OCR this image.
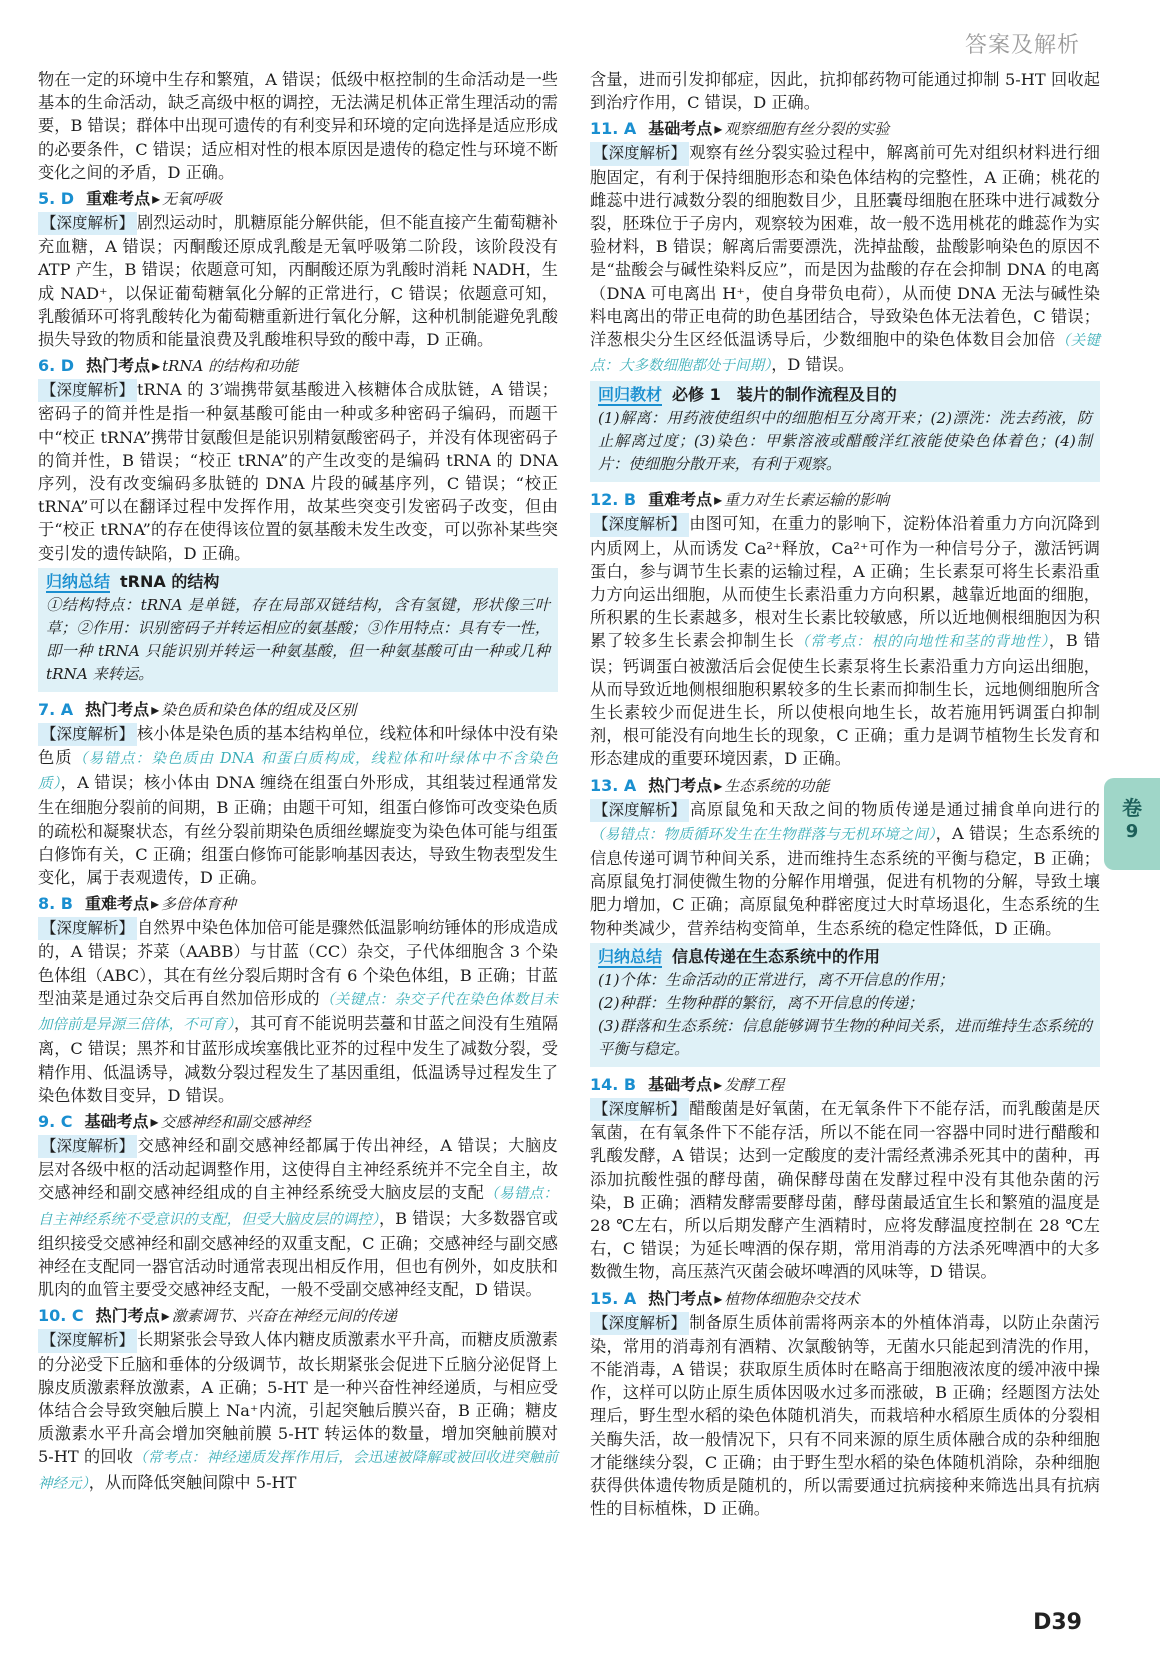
答案及解析

物在一定的环境中生存和繁殖，A 错误；低级中枢控制的生命活动是一些基本的生命活动，缺乏高级中枢的调控，无法满足机体正常生理活动的需要，B 错误；群体中出现可遗传的有利变异和环境的定向选择是适应形成的必要条件，C 错误；适应相对性的根本原因是遗传的稳定性与环境不断变化之间的矛盾，D 正确。

5. D 重难考点 ▸ 无氧呼吸

【深度解析】 剧烈运动时，肌糖原能分解供能，但不能直接产生葡萄糖补充血糖，A 错误；丙酮酸还原成乳酸是无氧呼吸第二阶段，该阶段没有 ATP 产生，B 错误；依题意可知，丙酮酸还原为乳酸时消耗 NADH，生成 NAD⁺，以保证葡萄糖氧化分解的正常进行，C 错误；依题意可知，乳酸循环可将乳酸转化为葡萄糖重新进行氧化分解，这种机制能避免乳酸损失导致的物质和能量浪费及乳酸堆积导致的酸中毒，D 正确。

6. D 热门考点 ▸ tRNA 的结构和功能

【深度解析】 tRNA 的 3′端携带氨基酸进入核糖体合成肽链，A 错误；密码子的简并性是指一种氨基酸可能由一种或多种密码子编码，而题干中“校正 tRNA”携带甘氨酸但是能识别精氨酸密码子，并没有体现密码子的简并性，B 错误；“校正 tRNA”的产生改变的是编码 tRNA 的 DNA 序列，没有改变编码多肽链的 DNA 片段的碱基序列，C 错误；“校正 tRNA”可以在翻译过程中发挥作用，故某些突变引发密码子改变，但由于“校正 tRNA”的存在使得该位置的氨基酸未发生改变，可以弥补某些突变引发的遗传缺陷，D 正确。

归纳总结 tRNA 的结构
①结构特点：tRNA 是单链，存在局部双链结构，含有氢键，形状像三叶草；②作用：识别密码子并转运相应的氨基酸；③作用特点：具有专一性，即一种 tRNA 只能识别并转运一种氨基酸，但一种氨基酸可由一种或几种 tRNA 来转运。
7. A 热门考点 ▸ 染色质和染色体的组成及区别

【深度解析】 核小体是染色质的基本结构单位，线粒体和叶绿体中没有染色质（易错点：染色质由 DNA 和蛋白质构成，线粒体和叶绿体中不含染色质），A 错误；核小体由 DNA 缠绕在组蛋白外形成，其组装过程通常发生在细胞分裂前的间期，B 正确；由题干可知，组蛋白修饰可改变染色质的疏松和凝聚状态，有丝分裂前期染色质细丝螺旋变为染色体可能与组蛋白修饰有关，C 正确；组蛋白修饰可能影响基因表达，导致生物表型发生变化，属于表观遗传，D 正确。

8. B 重难考点 ▸ 多倍体育种

【深度解析】 自然界中染色体加倍可能是骤然低温影响纺锤体的形成造成的，A 错误；芥菜（AABB）与甘蓝（CC）杂交，子代体细胞含 3 个染色体组（ABC），其在有丝分裂后期时含有 6 个染色体组，B 正确；甘蓝型油菜是通过杂交后再自然加倍形成的（关键点：杂交子代在染色体数目未加倍前是异源三倍体，不可育），其可育不能说明芸薹和甘蓝之间没有生殖隔离，C 错误；黑芥和甘蓝形成埃塞俄比亚芥的过程中发生了减数分裂，受精作用、低温诱导，减数分裂过程发生了基因重组，低温诱导过程发生了染色体数目变异，D 错误。

9. C 基础考点 ▸ 交感神经和副交感神经

【深度解析】 交感神经和副交感神经都属于传出神经，A 错误；大脑皮层对各级中枢的活动起调整作用，这使得自主神经系统并不完全自主，故交感神经和副交感神经组成的自主神经系统受大脑皮层的支配（易错点：自主神经系统不受意识的支配，但受大脑皮层的调控），B 错误；大多数器官或组织接受交感神经和副交感神经的双重支配，C 正确；交感神经与副交感神经在支配同一器官活动时通常表现出相反作用，但也有例外，如皮肤和肌肉的血管主要受交感神经支配，一般不受副交感神经支配，D 错误。

10. C 热门考点 ▸ 激素调节、兴奋在神经元间的传递

【深度解析】 长期紧张会导致人体内糖皮质激素水平升高，而糖皮质激素的分泌受下丘脑和垂体的分级调节，故长期紧张会促进下丘脑分泌促肾上腺皮质激素释放激素，A 正确；5-HT 是一种兴奋性神经递质，与相应受体结合会导致突触后膜上 Na⁺内流，引起突触后膜兴奋，B 正确；糖皮质激素水平升高会增加突触前膜 5-HT 转运体的数量，增加突触前膜对 5-HT 的回收（常考点：神经递质发挥作用后，会迅速被降解或被回收进突触前神经元），从而降低突触间隙中 5-HT

含量，进而引发抑郁症，因此，抗抑郁药物可能通过抑制 5-HT 回收起到治疗作用，C 错误，D 正确。

11. A 基础考点 ▸ 观察细胞有丝分裂的实验

【深度解析】 观察有丝分裂实验过程中，解离前可先对组织材料进行细胞固定，有利于保持细胞形态和染色体结构的完整性，A 正确；桃花的雌蕊中进行减数分裂的细胞数目少，且胚囊母细胞在胚珠中进行减数分裂，胚珠位于子房内，观察较为困难，故一般不选用桃花的雌蕊作为实验材料，B 错误；解离后需要漂洗，洗掉盐酸，盐酸影响染色的原因不是“盐酸会与碱性染料反应”，而是因为盐酸的存在会抑制 DNA 的电离（DNA 可电离出 H⁺，使自身带负电荷），从而使 DNA 无法与碱性染料电离出的带正电荷的助色基团结合，导致染色体无法着色，C 错误；洋葱根尖分生区经低温诱导后，少数细胞中的染色体数目会加倍（关键点：大多数细胞都处于间期），D 错误。

回归教材 必修 1　装片的制作流程及目的
(1)解离：用药液使组织中的细胞相互分离开来；(2)漂洗：洗去药液，防止解离过度；(3)染色：甲紫溶液或醋酸洋红液能使染色体着色；(4)制片：使细胞分散开来，有利于观察。
12. B 重难考点 ▸ 重力对生长素运输的影响

【深度解析】 由图可知，在重力的影响下，淀粉体沿着重力方向沉降到内质网上，从而诱发 Ca²⁺释放，Ca²⁺可作为一种信号分子，激活钙调蛋白，参与调节生长素的运输过程，A 正确；生长素泵可将生长素沿重力方向运出细胞，从而使生长素沿重力方向积累，越靠近地面的细胞，所积累的生长素越多，根对生长素比较敏感，所以近地侧根细胞因为积累了较多生长素会抑制生长（常考点：根的向地性和茎的背地性），B 错误；钙调蛋白被激活后会促使生长素泵将生长素沿重力方向运出细胞，从而导致近地侧根细胞积累较多的生长素而抑制生长，远地侧细胞所含生长素较少而促进生长，所以使根向地生长，故若施用钙调蛋白抑制剂，根可能没有向地生长的现象，C 正确；重力是调节植物生长发育和形态建成的重要环境因素，D 正确。

13. A 热门考点 ▸ 生态系统的功能

【深度解析】 高原鼠兔和天敌之间的物质传递是通过捕食单向进行的（易错点：物质循环发生在生物群落与无机环境之间），A 错误；生态系统的信息传递可调节种间关系，进而维持生态系统的平衡与稳定，B 正确；高原鼠兔打洞使微生物的分解作用增强，促进有机物的分解，导致土壤肥力增加，C 正确；高原鼠兔种群密度过大时草场退化，生态系统的生物种类减少，营养结构变简单，生态系统的稳定性降低，D 正确。

归纳总结 信息传递在生态系统中的作用
(1)个体：生命活动的正常进行，离不开信息的作用；
(2)种群：生物种群的繁衍，离不开信息的传递；
(3)群落和生态系统：信息能够调节生物的种间关系，进而维持生态系统的平衡与稳定。
14. B 基础考点 ▸ 发酵工程

【深度解析】 醋酸菌是好氧菌，在无氧条件下不能存活，而乳酸菌是厌氧菌，在有氧条件下不能存活，所以不能在同一容器中同时进行醋酸和乳酸发酵，A 错误；达到一定酸度的麦汁需经煮沸杀死其中的菌种，再添加抗酸性强的酵母菌，确保酵母菌在发酵过程中没有其他杂菌的污染，B 正确；酒精发酵需要酵母菌，酵母菌最适宜生长和繁殖的温度是 28 ℃左右，所以后期发酵产生酒精时，应将发酵温度控制在 28 ℃左右，C 错误；为延长啤酒的保存期，常用消毒的方法杀死啤酒中的大多数微生物，高压蒸汽灭菌会破坏啤酒的风味等，D 错误。

15. A 热门考点 ▸ 植物体细胞杂交技术

【深度解析】 制备原生质体前需将两亲本的外植体消毒，以防止杂菌污染，常用的消毒剂有酒精、次氯酸钠等，无菌水只能起到清洗的作用，不能消毒，A 错误；获取原生质体时在略高于细胞液浓度的缓冲液中操作，这样可以防止原生质体因吸水过多而涨破，B 正确；经题图方法处理后，野生型水稻的染色体随机消失，而栽培种水稻原生质体的分裂相关酶失活，故一般情况下，只有不同来源的原生质体融合成的杂种细胞才能继续分裂，C 正确；由于野生型水稻的染色体随机消除，杂种细胞获得供体遗传物质是随机的，所以需要通过抗病接种来筛选出具有抗病性的目标植株，D 正确。

卷
9
D39
